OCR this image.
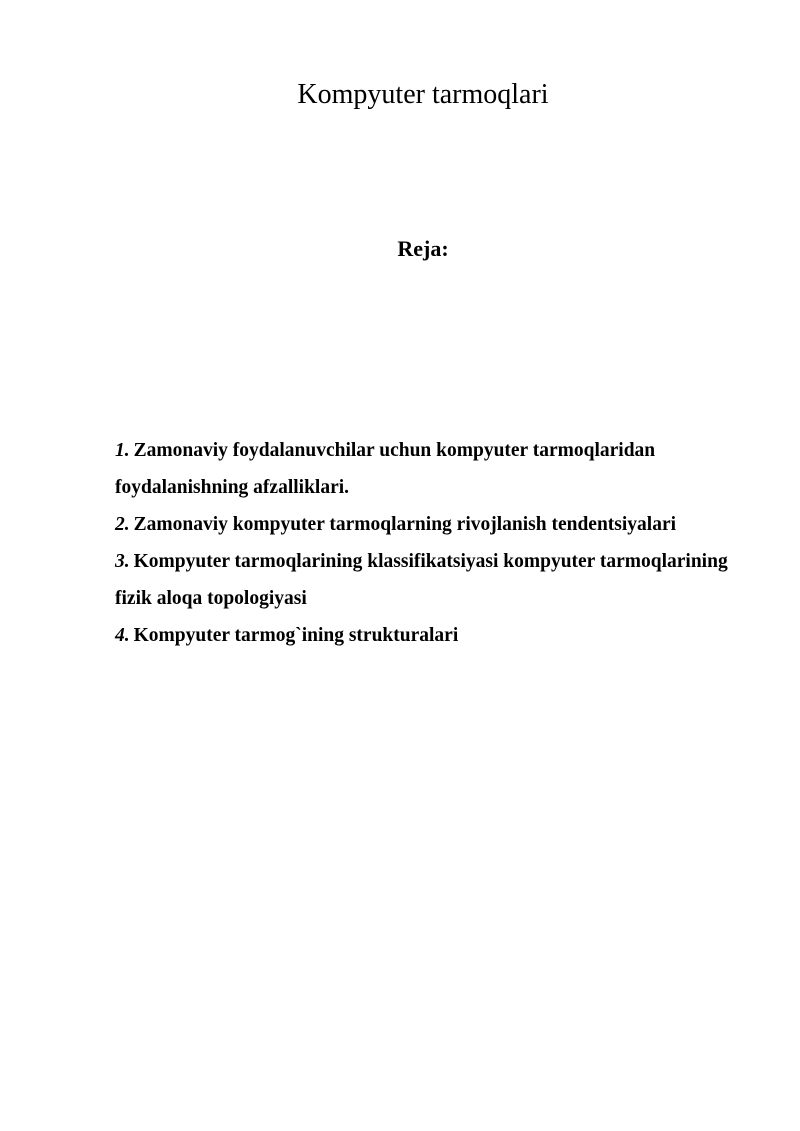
Kompyuter tarmoqlari
Reja:
1. Zamonaviy foydalanuvchilar uchun kompyuter tarmoqlaridan foydalanishning afzalliklari.
2. Zamonaviy kompyuter tarmoqlarning rivojlanish tendentsiyalari
3. Kompyuter tarmoqlarining klassifikatsiyasi kompyuter tarmoqlarining fizik aloqa topologiyasi
4. Kompyuter tarmog`ining strukturalari
